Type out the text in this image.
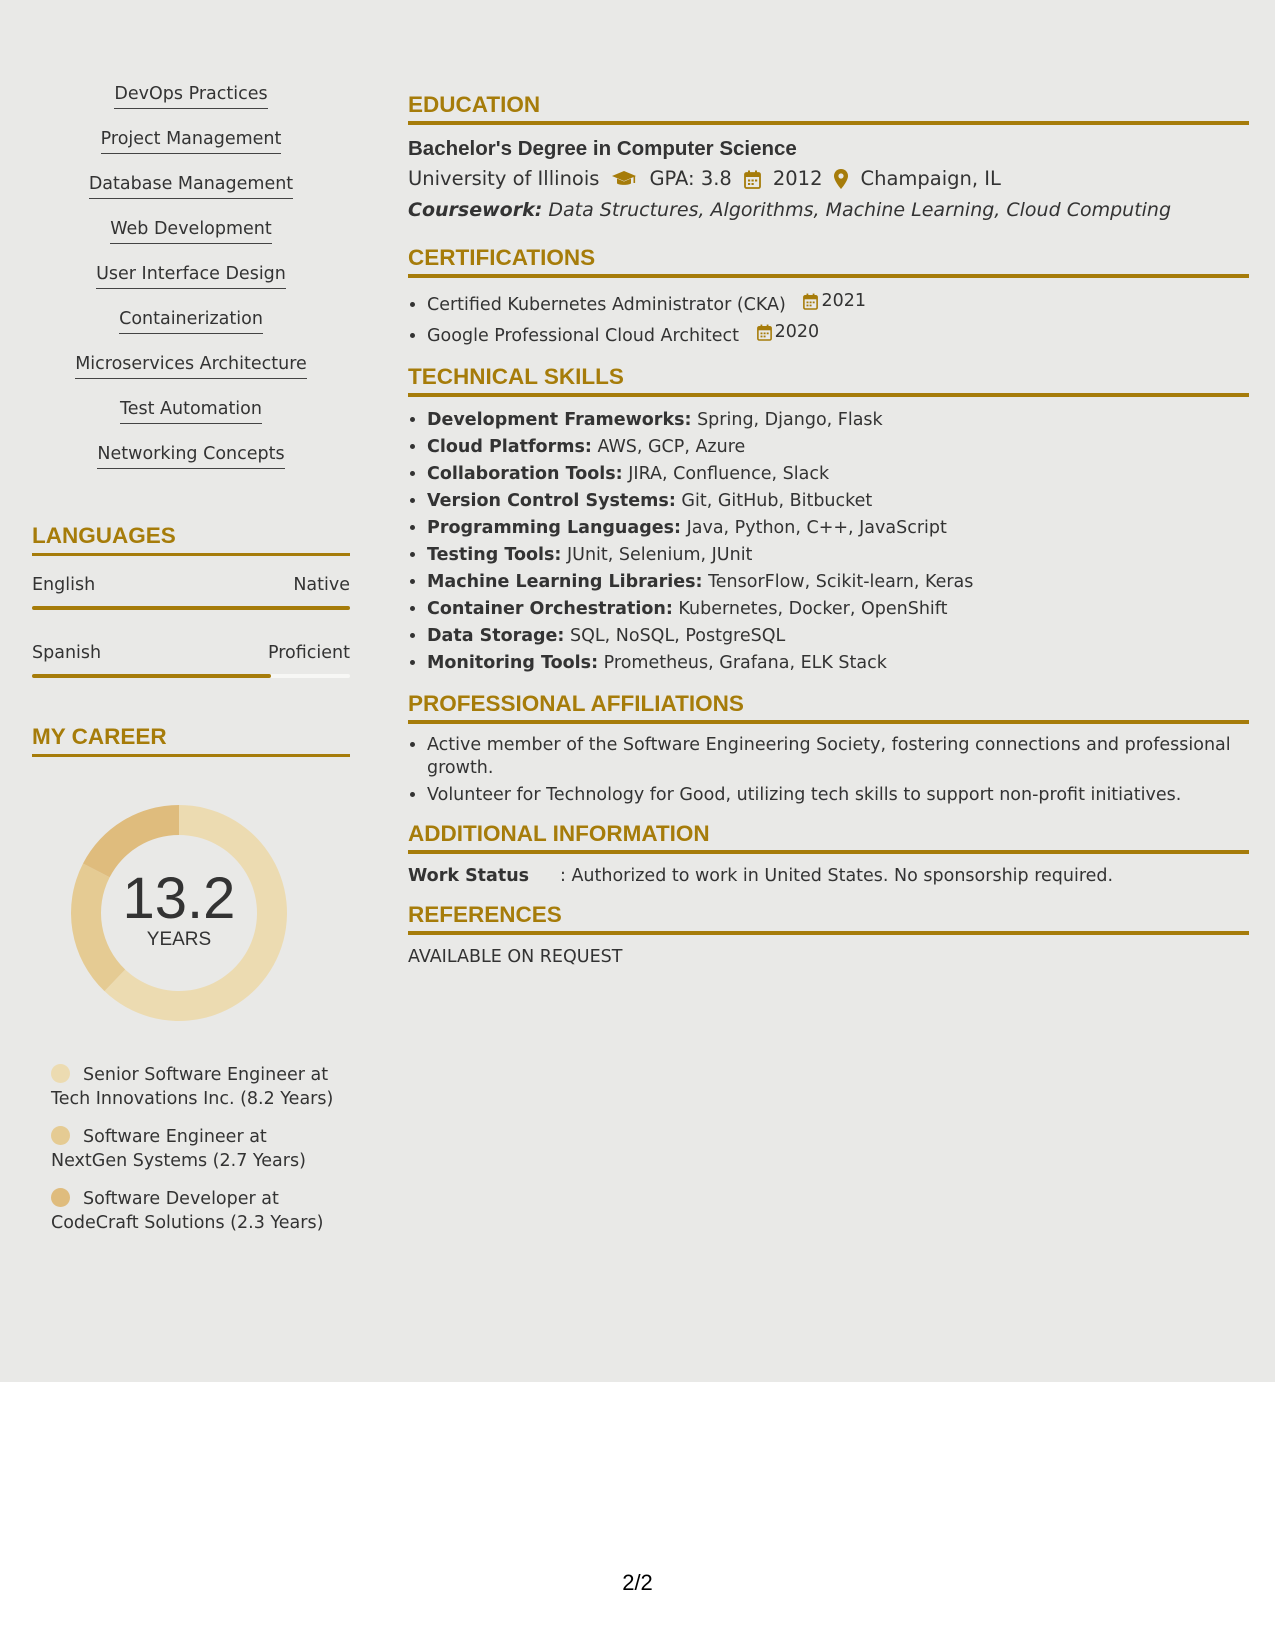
DevOps Practices
Project Management
Database Management
Web Development
User Interface Design
Containerization
Microservices Architecture
Test Automation
Networking Concepts
LANGUAGES
English	Native
Spanish	Proficient
MY CAREER
13.2
YEARS
Senior Software Engineer at
Tech Innovations Inc. (8.2 Years)
Software Engineer at
NextGen Systems (2.7 Years)
Software Developer at
CodeCraft Solutions (2.3 Years)
EDUCATION
Bachelor's Degree in Computer Science
University of Illinois	GPA: 3.8 2012 Champaign, IL
Coursework: Data Structures, Algorithms, Machine Learning, Cloud Computing
CERTIFICATIONS
• Certified Kubernetes Administrator (CKA) 2021
• Google Professional Cloud Architect 2020
TECHNICAL SKILLS
• Development Frameworks: Spring, Django, Flask
• Cloud Platforms: AWS, GCP, Azure
• Collaboration Tools: JIRA, Confluence, Slack
• Version Control Systems: Git, GitHub, Bitbucket
• Programming Languages: Java, Python, C++, JavaScript
• Testing Tools: JUnit, Selenium, JUnit
• Machine Learning Libraries: TensorFlow, Scikit-learn, Keras
• Container Orchestration: Kubernetes, Docker, OpenShift
• Data Storage: SQL, NoSQL, PostgreSQL
• Monitoring Tools: Prometheus, Grafana, ELK Stack
PROFESSIONAL AFFILIATIONS
• Active member of the Software Engineering Society, fostering connections and professional growth.
• Volunteer for Technology for Good, utilizing tech skills to support non-profit initiatives.
ADDITIONAL INFORMATION
Work Status	: Authorized to work in United States. No sponsorship required.
REFERENCES
AVAILABLE ON REQUEST
2/2
